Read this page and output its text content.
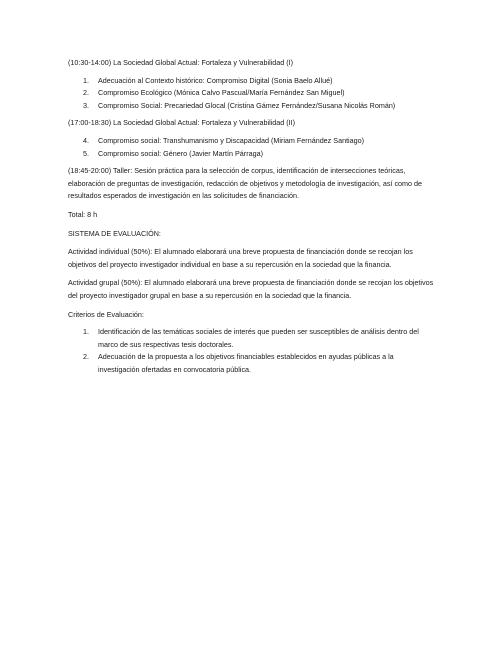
(10:30-14:00) La Sociedad Global Actual: Fortaleza y Vulnerabilidad (I)

1. Adecuación al Contexto histórico: Compromiso Digital (Sonia Baelo Allué)
2. Compromiso Ecológico (Mónica Calvo Pascual/María Fernández San Miguel)
3. Compromiso Social: Precariedad Glocal (Cristina Gámez Fernández/Susana Nicolás Román)

(17:00-18:30) La Sociedad Global Actual: Fortaleza y Vulnerabilidad (II)

4. Compromiso social: Transhumanismo y Discapacidad (Miriam Fernández Santiago)
5. Compromiso social: Género (Javier Martín Párraga)

(18:45-20:00) Taller: Sesión práctica para la selección de corpus, identificación de intersecciones teóricas, elaboración de preguntas de investigación, redacción de objetivos y metodología de investigación, así como de resultados esperados de investigación en las solicitudes de financiación.

Total: 8 h

SISTEMA DE EVALUACIÓN:

Actividad individual (50%): El alumnado elaborará una breve propuesta de financiación donde se recojan los objetivos del proyecto investigador individual en base a su repercusión en la sociedad que la financia.

Actividad grupal (50%): El alumnado elaborará una breve propuesta de financiación donde se recojan los objetivos del proyecto investigador grupal en base a su repercusión en la sociedad que la financia.

Criterios de Evaluación:

1. Identificación de las temáticas sociales de interés que pueden ser susceptibles de análisis dentro del marco de sus respectivas tesis doctorales.
2. Adecuación de la propuesta a los objetivos financiables establecidos en ayudas públicas a la investigación ofertadas en convocatoria pública.
